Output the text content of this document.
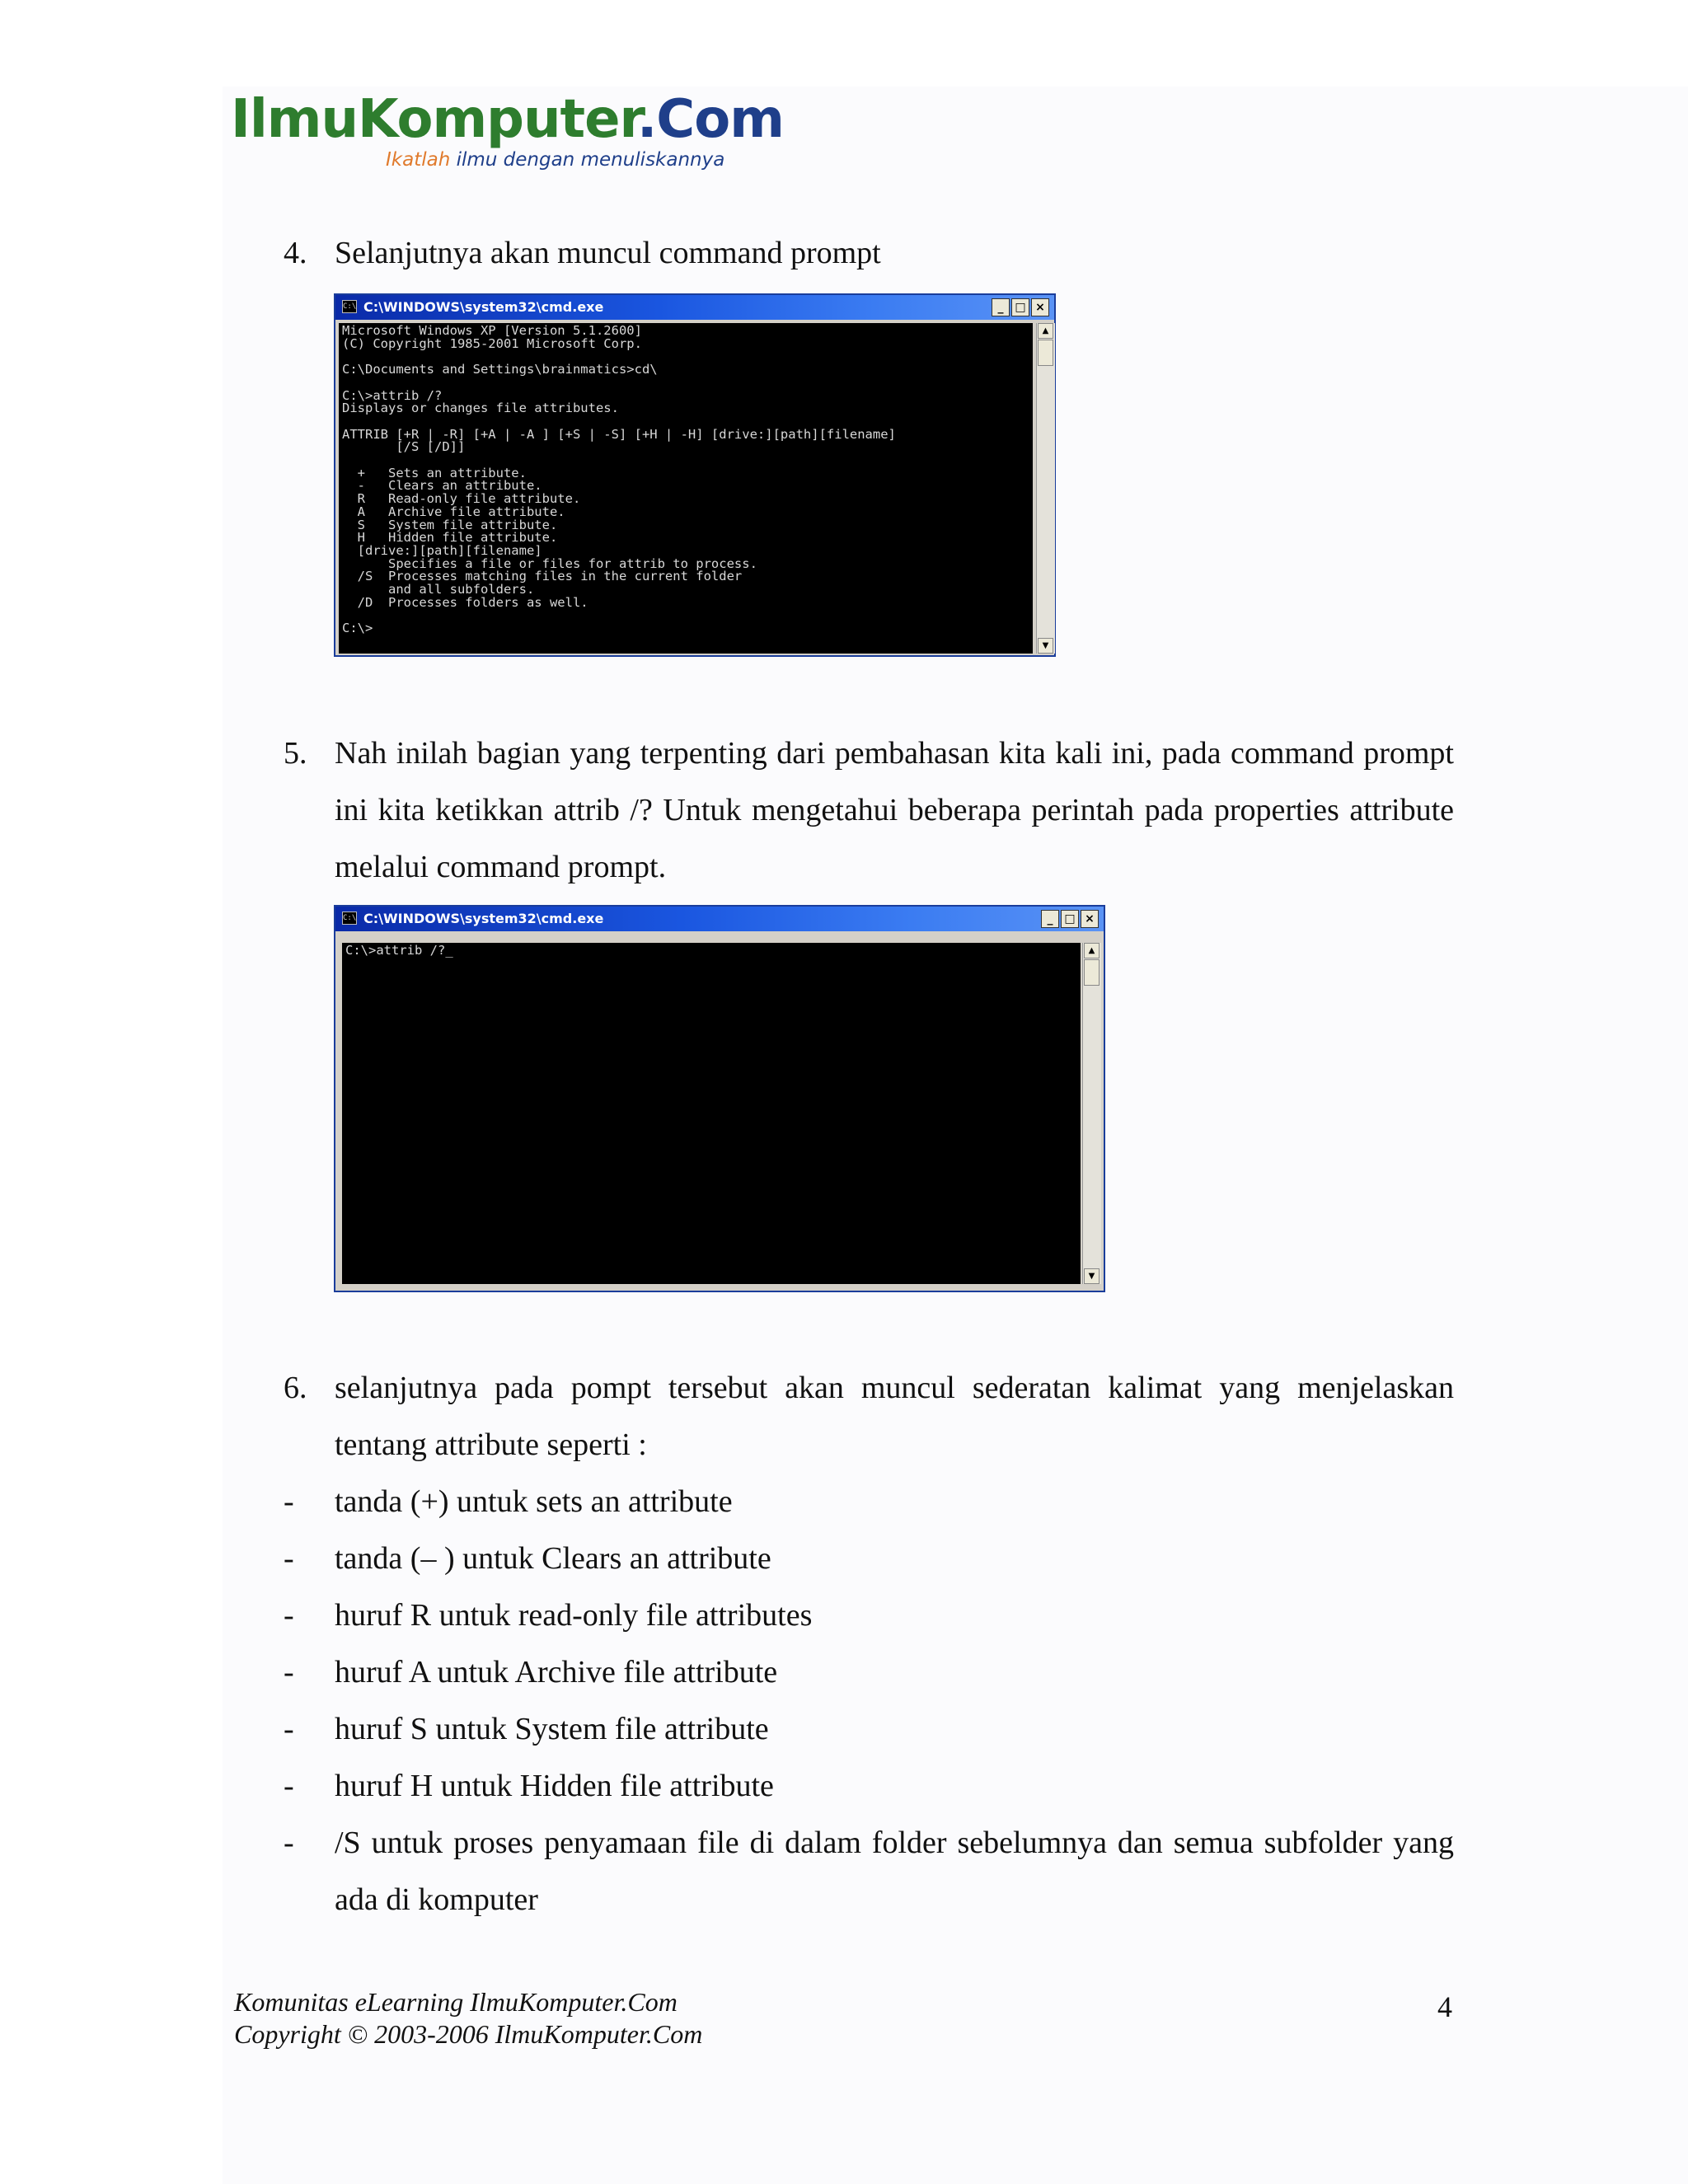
IlmuKomputer.Com
Ikatlah ilmu dengan menuliskannya
4. Selanjutnya akan muncul command prompt
C:\ C:\WINDOWS\system32\cmd.exe	_ □ ×
Microsoft Windows XP [Version 5.1.2600]
(C) Copyright 1985-2001 Microsoft Corp.

C:\Documents and Settings\brainmatics>cd\

C:\>attrib /?
Displays or changes file attributes.

ATTRIB [+R | -R] [+A | -A ] [+S | -S] [+H | -H] [drive:][path][filename]
[/S [/D]]

+   Sets an attribute.
-   Clears an attribute.
R   Read-only file attribute.
A   Archive file attribute.
S   System file attribute.
H   Hidden file attribute.
[drive:][path][filename]
Specifies a file or files for attrib to process.
/S  Processes matching files in the current folder
and all subfolders.
/D  Processes folders as well.

C:\>
▲
▼
5. Nah inilah bagian yang terpenting dari pembahasan kita kali ini, pada command prompt ini kita ketikkan attrib /? Untuk mengetahui beberapa perintah pada properties attribute melalui command prompt.
C:\ C:\WINDOWS\system32\cmd.exe	_ □ ×
C:\>attrib /?_	▲
▼
6. selanjutnya pada pompt tersebut akan muncul sederatan kalimat yang menjelaskan tentang attribute seperti :
- tanda (+) untuk sets an attribute
- tanda (– ) untuk Clears an attribute
- huruf R untuk read-only file attributes
- huruf A untuk Archive file attribute
- huruf S untuk System file attribute
- huruf H untuk Hidden file attribute
- /S untuk proses penyamaan file di dalam folder sebelumnya dan semua subfolder yang ada di komputer
Komunitas eLearning IlmuKomputer.Com
Copyright © 2003-2006 IlmuKomputer.Com
4
